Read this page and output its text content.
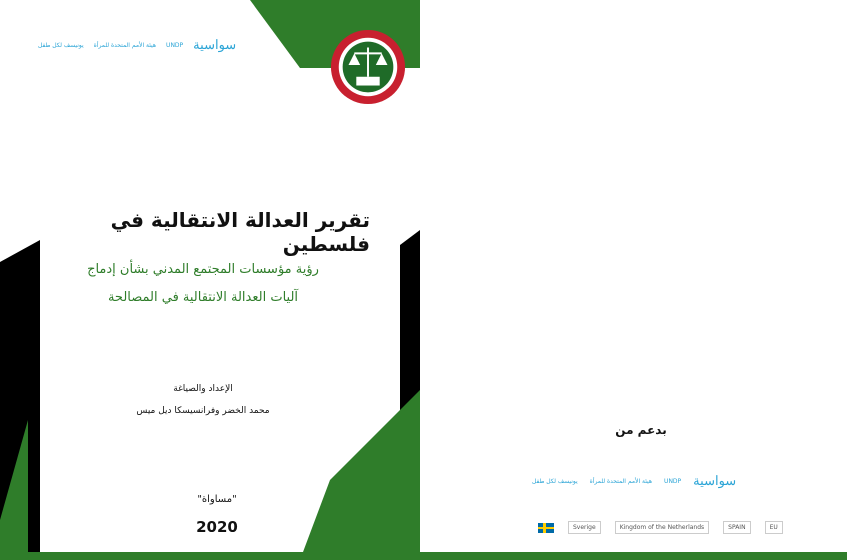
يونيسف لكل طفل هيئة الأمم المتحدة للمرأة UNDP سواسية
تقرير العدالة الانتقالية في فلسطين
رؤية مؤسسات المجتمع المدني بشأن إدماج
آليات العدالة الانتقالية في المصالحة
الإعداد والصياغة
محمد الخضر وفرانسيسكا ديل ميس
"مساواة"
2020
بدعم من
يونيسف لكل طفل هيئة الأمم المتحدة للمرأة UNDP سواسية
Sverige	Kingdom of the Netherlands	SPAIN	EU
